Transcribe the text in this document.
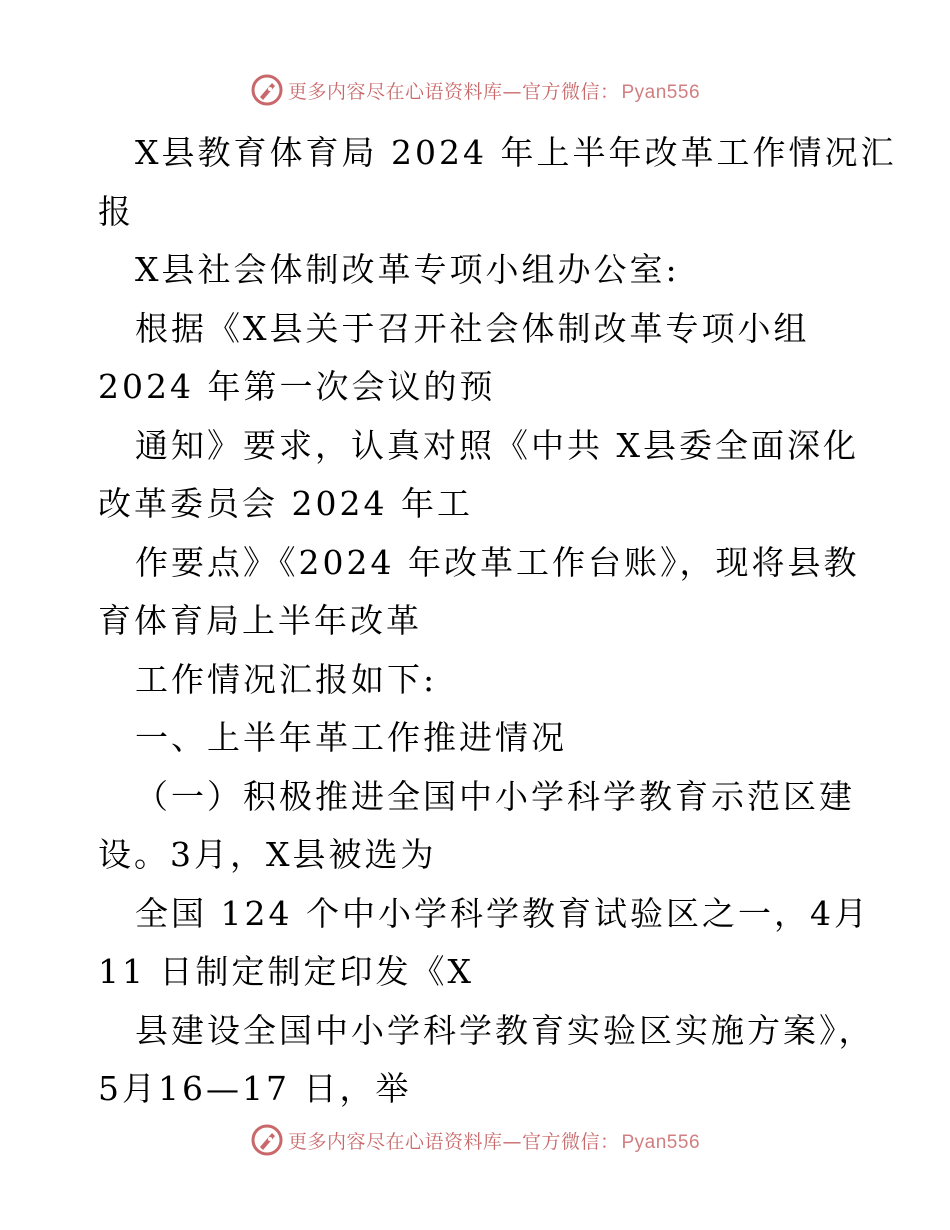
更多内容尽在心语资料库—官方微信： Pyan556
X县教育体育局 2024 年上半年改革工作情况汇
报
X县社会体制改革专项小组办公室:
根据《X县关于召开社会体制改革专项小组
2024 年第一次会议的预
通知》要求，认真对照《中共 X县委全面深化
改革委员会 2024 年工
作要点》《2024 年改革工作台账》，现将县教
育体育局上半年改革
工作情况汇报如下:
一、上半年革工作推进情况
（一）积极推进全国中小学科学教育示范区建
设。3月，X县被选为
全国 124 个中小学科学教育试验区之一，4月
11 日制定制定印发《X
县建设全国中小学科学教育实验区实施方案》，
5月16—17 日，举
更多内容尽在心语资料库—官方微信： Pyan556
